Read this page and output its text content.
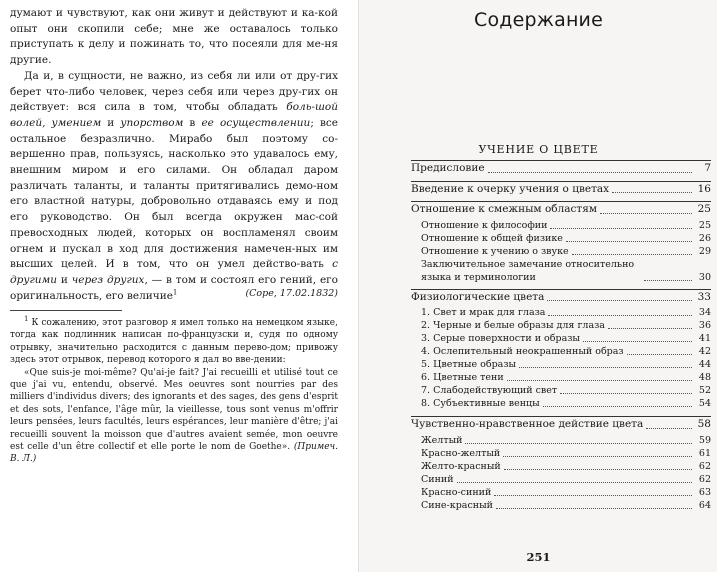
думают и чувствуют, как они живут и действуют и ка-кой опыт они скопили себе; мне же оставалось только приступать к делу и пожинать то, что посеяли для ме-ня другие.

Да и, в сущности, не важно, из себя ли или от дру-гих берет что-либо человек, через себя или через дру-гих он действует: вся сила в том, чтобы обладать боль-шой волей, умением и упорством в ее осуществлении; все остальное безразлично. Мирабо был поэтому со-вершенно прав, пользуясь, насколько это удавалось ему, внешним миром и его силами. Он обладал даром различать таланты, и таланты притягивались демо-ном его властной натуры, добровольно отдаваясь ему и под его руководство. Он был всегда окружен мас-сой превосходных людей, которых он воспламенял своим огнем и пускал в ход для достижения намечен-ных им высших целей. И в том, что он умел действо-вать с другими и через других, — в том и состоял его гений, его оригинальность, его величие$^1$	(Соре, 17.02.1832)

$^1$ К сожалению, этот разговор я имел только на немецком языке, тогда как подлинник написан по-французски и, судя по одному отрывку, значительно расходится с данным перево-дом; привожу здесь этот отрывок, перевод которого я дал во вве-дении:

«Que suis-je moi-même? Qu'ai-je fait? J'ai recueilli et utilisé tout ce que j'ai vu, entendu, observé. Mes oeuvres sont nourries par des milliers d'individus divers; des ignorants et des sages, des gens d'esprit et des sots, l'enfance, l'âge mûr, la vieillesse, tous sont venus m'offrir leurs pensées, leurs facultés, leurs espérances, leur manière d'être; j'ai recueilli souvent la moisson que d'autres avaient semée, mon oeuvre est celle d'un être collectif et elle porte le nom de Goethe». (Примеч. В. Л.)

Содержание
УЧЕНИЕ О ЦВЕТЕ
Предисловие	7
Введение к очерку учения о цветах	16
Отношение к смежным областям	25
Отношение к философии	25
Отношение к общей физике	26
Отношение к учению о звуке	29
Заключительное замечание относительно языка и терминологии	30
Физиологические цвета	33
1. Свет и мрак для глаза	34
2. Черные и белые образы для глаза	36
3. Серые поверхности и образы	41
4. Ослепительный неокрашенный образ	42
5. Цветные образы	44
6. Цветные тени	48
7. Слабодействующий свет	52
8. Субъективные венцы	54
Чувственно-нравственное действие цвета	58
Желтый	59
Красно-желтый	61
Желто-красный	62
Синий	62
Красно-синий	63
Сине-красный	64
251
